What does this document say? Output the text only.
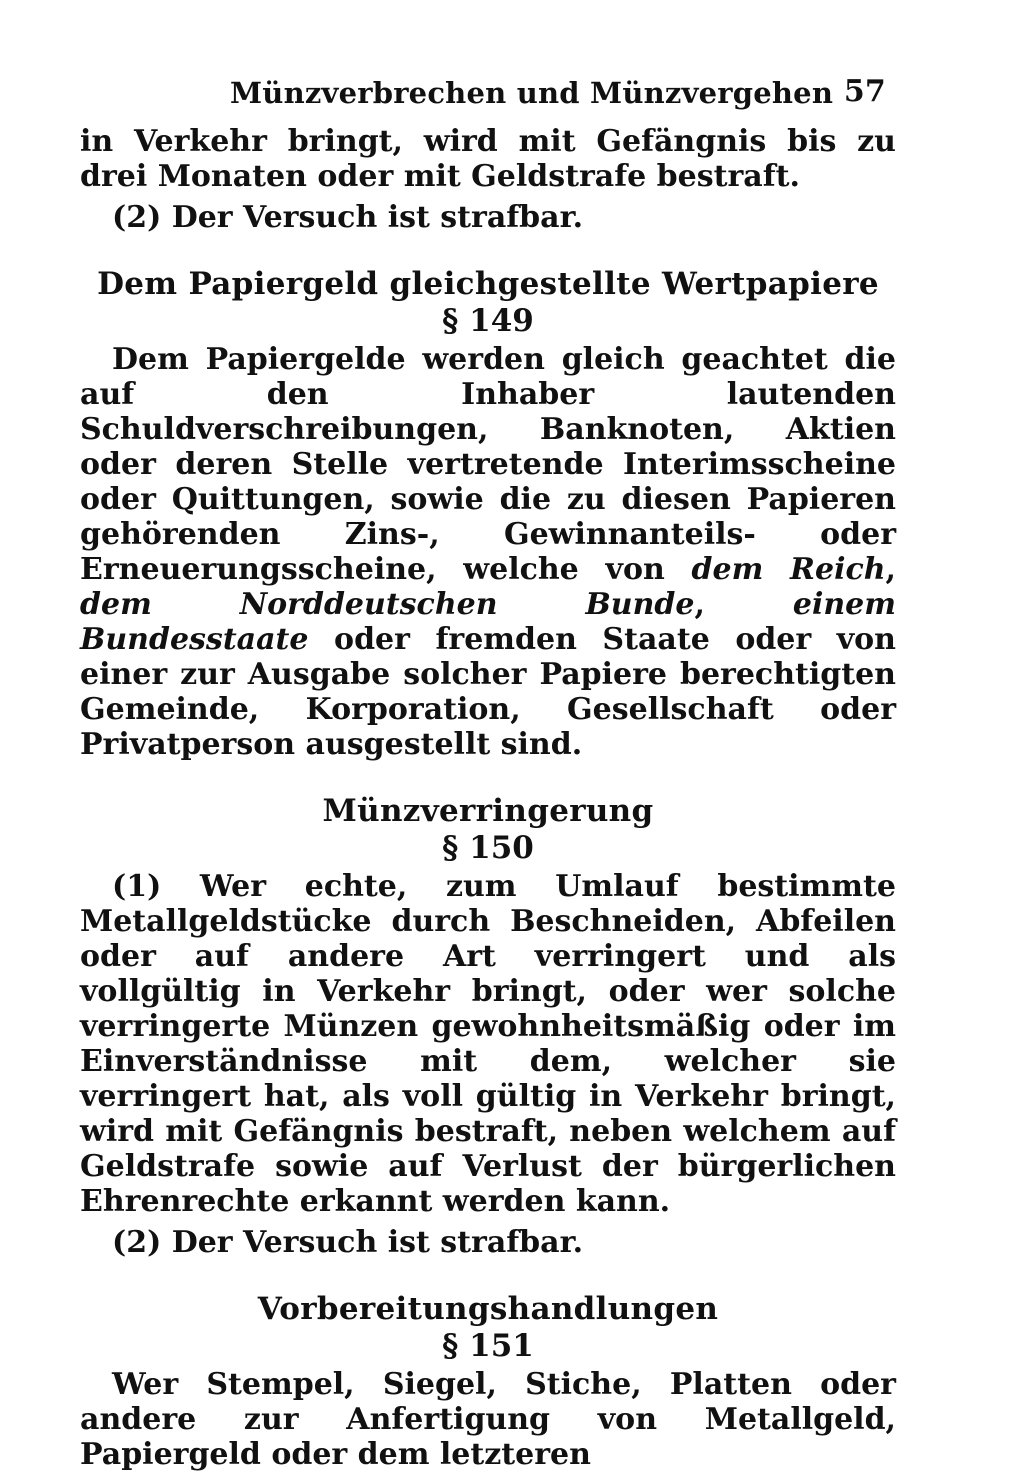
Münzverbrechen und Münzvergehen 57

in Verkehr bringt, wird mit Gefängnis bis zu drei Monaten oder mit Geldstrafe bestraft.

(2) Der Versuch ist strafbar.

Dem Papiergeld gleichgestellte Wertpapiere
§ 149

Dem Papiergelde werden gleich geachtet die auf den Inhaber lautenden Schuldverschreibungen, Banknoten, Aktien oder deren Stelle vertretende Interimsscheine oder Quittungen, sowie die zu diesen Papieren gehörenden Zins-, Gewinnanteils- oder Erneuerungsscheine, welche von dem Reich, dem Norddeutschen Bunde, einem Bundesstaate oder fremden Staate oder von einer zur Ausgabe solcher Papiere berechtigten Gemeinde, Korporation, Gesellschaft oder Privatperson ausgestellt sind.

Münzverringerung
§ 150

(1) Wer echte, zum Umlauf bestimmte Metallgeldstücke durch Beschneiden, Abfeilen oder auf andere Art verringert und als vollgültig in Verkehr bringt, oder wer solche verringerte Münzen gewohnheitsmäßig oder im Einverständnisse mit dem, welcher sie verringert hat, als voll gültig in Verkehr bringt, wird mit Gefängnis bestraft, neben welchem auf Geldstrafe sowie auf Verlust der bürgerlichen Ehrenrechte erkannt werden kann.

(2) Der Versuch ist strafbar.

Vorbereitungshandlungen
§ 151

Wer Stempel, Siegel, Stiche, Platten oder andere zur Anfertigung von Metallgeld, Papiergeld oder dem letzteren
